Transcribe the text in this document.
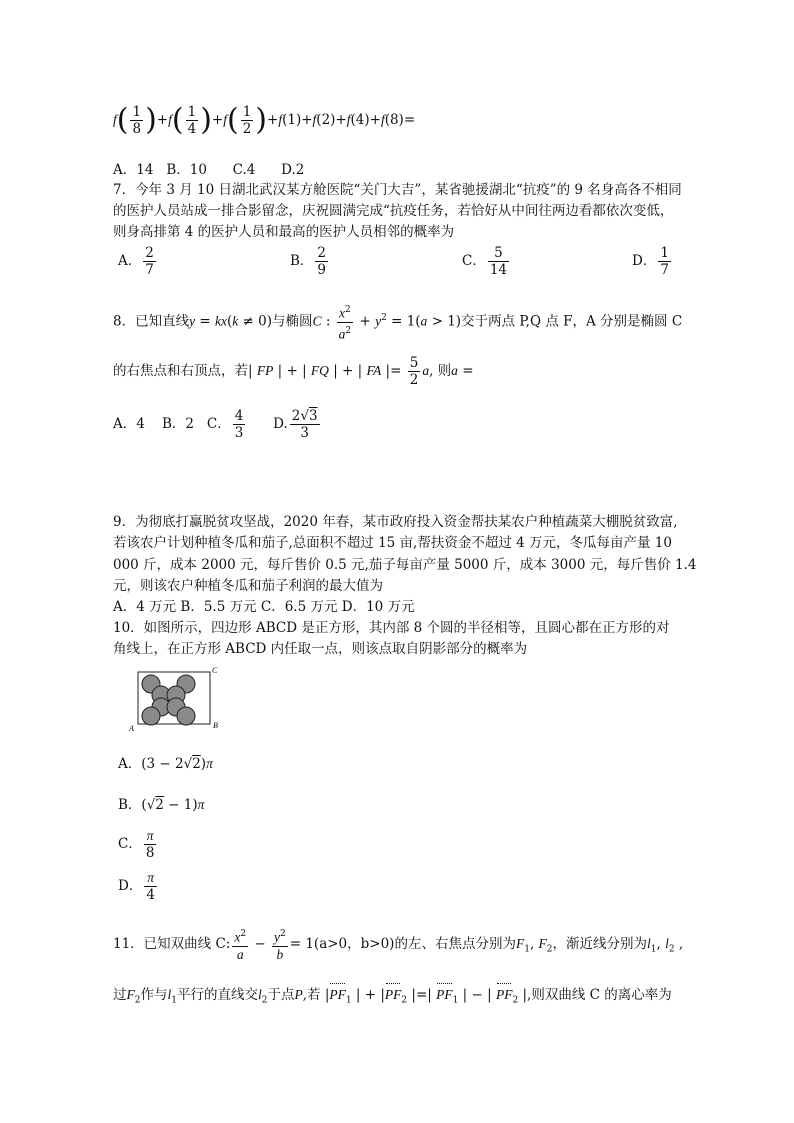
$f( \frac{1}{8} )+f( \frac{1}{4} )+f( \frac{1}{2} )+f(1)+f(2)+f(4)+f(8)=$
A．14 B．10 C.4 D.2
7．今年 3 月 10 日湖北武汉某方舱医院“关门大吉”，某省驰援湖北“抗疫”的 9 名身高各不相同
的医护人员站成一排合影留念，庆祝圆满完成“抗疫任务，若恰好从中间往两边看都依次变低，
则身高排第 4 的医护人员和最高的医护人员相邻的概率为
A． $\frac{2}{7}$	B． $\frac{2}{9}$	C． $\frac{5}{14}$	D． $\frac{1}{7}$
8．已知直线y = kx(k ≠ 0)与椭圆C : $\frac{x^2}{a^2} + y^2 = 1(a > 1)$交于两点 P,Q 点 F，A 分别是椭圆 C
的右焦点和右顶点，若| FP | + | FQ | + | FA |= $\frac{5}{2} a$, 则a =
A．4 B．2 C． $\frac{4}{3} D$. $\frac{2√3}{3}$
9．为彻底打赢脱贫攻坚战，2020 年春，某市政府投入资金帮扶某农户种植蔬菜大棚脱贫致富,
若该农户计划种植冬瓜和茄子,总面积不超过 15 亩,帮扶资金不超过 4 万元，冬瓜每亩产量 10
000 斤，成本 2000 元，每斤售价 0.5 元,茄子每亩产量 5000 斤，成本 3000 元，每斤售价 1.4
元，则该农户种植冬瓜和茄子利润的最大值为
A．4 万元 B．5.5 万元 C．6.5 万元 D．10 万元
10．如图所示，四边形 ABCD 是正方形，其内部 8 个圆的半径相等，且圆心都在正方形的对
角线上，在正方形 ABCD 内任取一点，则该点取自阴影部分的概率为
A	B
C
A．(3 − 2√2)π
B．(√2 − 1)π
C． $\frac{\pi}{8}$
D． $\frac{\pi}{4}$
11．已知双曲线 C: $\frac{x^2}{a} - \frac{y^2}{b} = 1(a>0$，b>0)的左、右焦点分别为$F_1$, $F_2$，渐近线分别为$l_1$, $l_2$ ,
过$F_2$作与$l_1$平行的直线交$l_2$于点P,若 $|PF_1$ | + $|PF_2$ |=| $PF_1$ | − | $PF_2$ |,则双曲线 C 的离心率为
